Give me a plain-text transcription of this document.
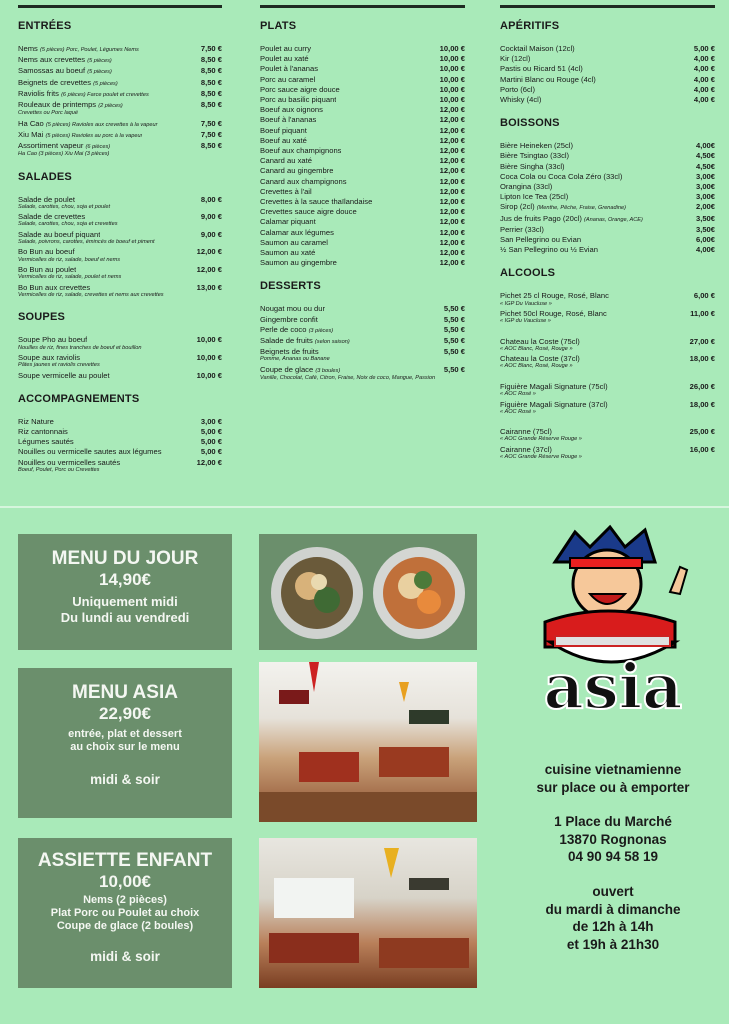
ENTRÉES
Nems (5 pièces) Porc, Poulet, Légumes Nems	7,50 €
Nems aux crevettes (5 pièces)	8,50 €
Samossas au boeuf (5 pièces)	8,50 €
Beignets de crevettes (5 pièces)	8,50 €
Raviolis frits (6 pièces) Farce poulet et crevettes	8,50 €
Rouleaux de printemps (2 pièces)	8,50 €
Crevettes ou Porc laqué
Ha Cao (5 pièces) Ravioles aux crevettes à la vapeur	7,50 €
Xiu Mai (5 pièces) Ravioles au porc à la vapeur	7,50 €
Assortiment vapeur (6 pièces)	8,50 €
Ha Cao (3 pièces) Xiu Mai (3 pièces)
SALADES
Salade de poulet	8,00 €
Salade, carottes, chou, soja et poulet
Salade de crevettes	9,00 €
Salade, carottes, chou, soja et crevettes
Salade au boeuf piquant	9,00 €
Salade, poivrons, carottes, émincés de boeuf et piment
Bo Bun au boeuf	12,00 €
Vermicelles de riz, salade, boeuf et nems
Bo Bun au poulet	12,00 €
Vermicelles de riz, salade, poulet et nems
Bo Bun aux crevettes	13,00 €
Vermicelles de riz, salade, crevettes et nems aux crevettes
SOUPES
Soupe Pho au boeuf	10,00 €
Nouilles de riz, fines tranches de boeuf et bouillon
Soupe aux raviolis	10,00 €
Pâtes jaunes et raviolis crevettes
Soupe vermicelle au poulet	10,00 €
ACCOMPAGNEMENTS
Riz Nature	3,00 €
Riz cantonnais	5,00 €
Légumes sautés	5,00 €
Nouilles ou vermicelle sautes aux légumes	5,00 €
Nouilles ou vermicelles sautés	12,00 €
Boeuf, Poulet, Porc ou Crevettes
PLATS
Poulet au curry	10,00 €
Poulet au xaté	10,00 €
Poulet à l'ananas	10,00 €
Porc au caramel	10,00 €
Porc sauce aigre douce	10,00 €
Porc au basilic piquant	10,00 €
Boeuf aux oignons	12,00 €
Boeuf à l'ananas	12,00 €
Boeuf piquant	12,00 €
Boeuf au xaté	12,00 €
Boeuf aux champignons	12,00 €
Canard au xaté	12,00 €
Canard au gingembre	12,00 €
Canard aux champignons	12,00 €
Crevettes à l'ail	12,00 €
Crevettes à la sauce thaïlandaise	12,00 €
Crevettes sauce aigre douce	12,00 €
Calamar piquant	12,00 €
Calamar aux légumes	12,00 €
Saumon au caramel	12,00 €
Saumon au xaté	12,00 €
Saumon au gingembre	12,00 €
DESSERTS
Nougat mou ou dur	5,50 €
Gingembre confit	5,50 €
Perle de coco (3 pièces)	5,50 €
Salade de fruits (selon saison)	5,50 €
Beignets de fruits	5,50 €
Pomme, Ananas ou Banane
Coupe de glace (3 boules)	5,50 €
Vanille, Chocolat, Café, Citron, Fraise, Noix de coco, Mangue, Passion
APÉRITIFS
Cocktail Maison (12cl)	5,00 €
Kir (12cl)	4,00 €
Pastis ou Ricard 51 (4cl)	4,00 €
Martini Blanc ou Rouge (4cl)	4,00 €
Porto (6cl)	4,00 €
Whisky (4cl)	4,00 €
BOISSONS
Bière Heineken (25cl)	4,00€
Bière Tsingtao (33cl)	4,50€
Bière Singha (33cl)	4,50€
Coca Cola ou Coca Cola Zéro (33cl)	3,00€
Orangina (33cl)	3,00€
Lipton Ice Tea (25cl)	3,00€
Sirop (2cl) (Menthe, Pêche, Fraise, Grenadine)	2,00€
Jus de fruits Pago (20cl) (Ananas, Orange, ACE)	3,50€
Perrier (33cl)	3,50€
San Pellegrino ou Evian	6,00€
½ San Pellegrino ou ½ Evian	4,00€
ALCOOLS
Pichet 25 cl Rouge, Rosé, Blanc	6,00 €
« IGP Du Vaucluse »
Pichet 50cl Rouge, Rosé, Blanc	11,00 €
« IGP du Vaucluse »
Chateau la Coste (75cl)	27,00 €
« AOC Blanc, Rosé, Rouge »
Chateau la Coste (37cl)	18,00 €
« AOC Blanc, Rosé, Rouge »
Figuière Magali Signature (75cl)	26,00 €
« AOC Rosé »
Figuière Magali Signature (37cl)	18,00 €
« AOC Rosé »
Cairanne (75cl)	25,00 €
« AOC Grande Réserve Rouge »
Cairanne (37cl)	16,00 €
« AOC Grande Réserve Rouge »
MENU DU JOUR
14,90€
Uniquement midi
Du lundi au vendredi
MENU ASIA
22,90€
entrée, plat et dessert
au choix sur le menu
midi & soir
ASSIETTE ENFANT
10,00€
Nems (2 pièces)
Plat Porc ou Poulet au choix
Coupe de glace (2 boules)
midi & soir
asia
cuisine vietnamienne
sur place ou à emporter
1 Place du Marché
13870 Rognonas
04 90 94 58 19
ouvert
du mardi à dimanche
de 12h à 14h
et 19h à 21h30
